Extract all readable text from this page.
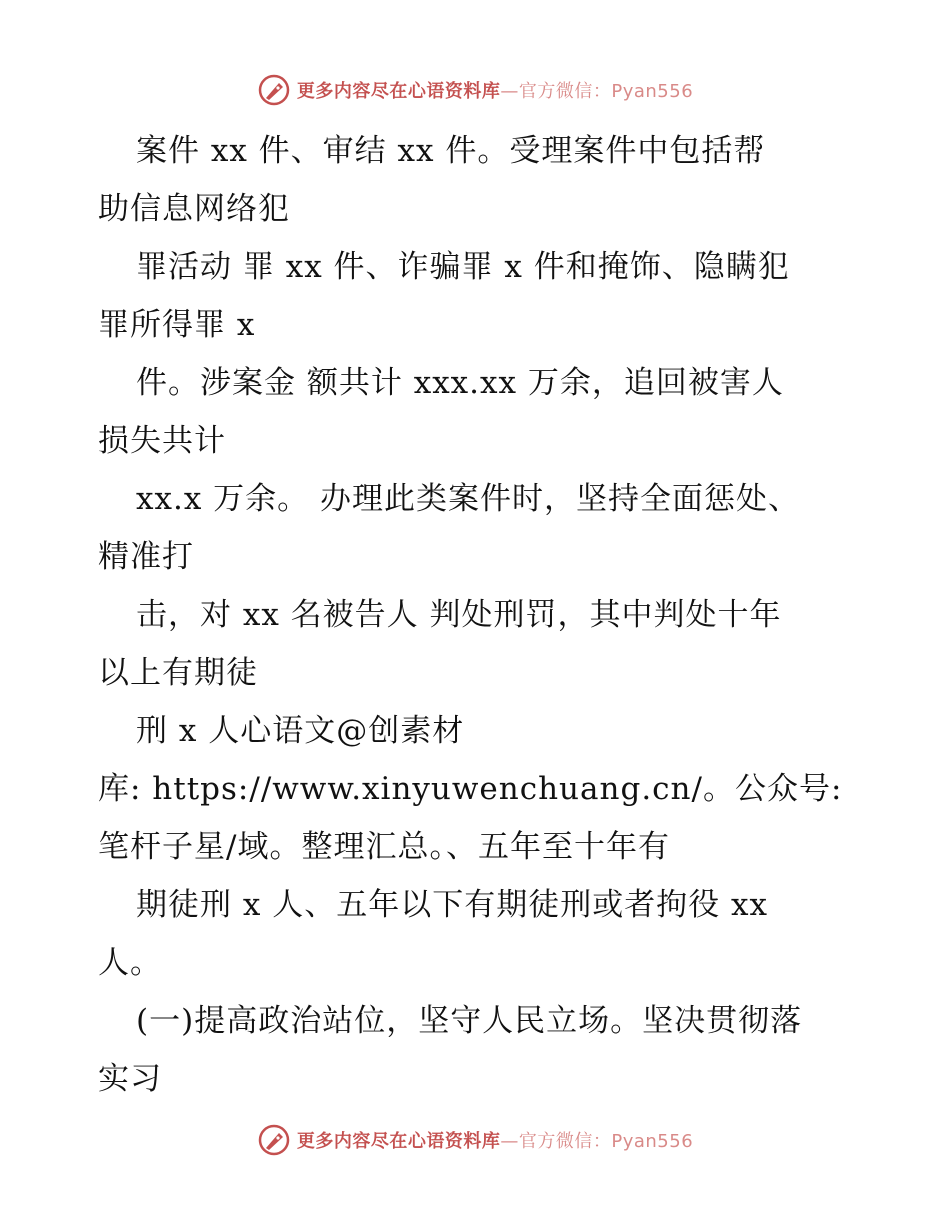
更多内容尽在心语资料库—官方微信：Pyan556
案件 xx 件、审结 xx 件。受理案件中包括帮
助信息网络犯
罪活动 罪 xx 件、诈骗罪 x 件和掩饰、隐瞒犯
罪所得罪 x
件。涉案金 额共计 xxx.xx 万余，追回被害人
损失共计
xx.x 万余。 办理此类案件时，坚持全面惩处、
精准打
击，对 xx 名被告人 判处刑罚，其中判处十年
以上有期徒
刑 x 人心语文@创素材
库: https://www.xinyuwenchuang.cn/。公众号:
笔杆子星/域。整理汇总。、五年至十年有
期徒刑 x 人、五年以下有期徒刑或者拘役 xx
人。
(一)提高政治站位，坚守人民立场。坚决贯彻落
实习
更多内容尽在心语资料库—官方微信：Pyan556
